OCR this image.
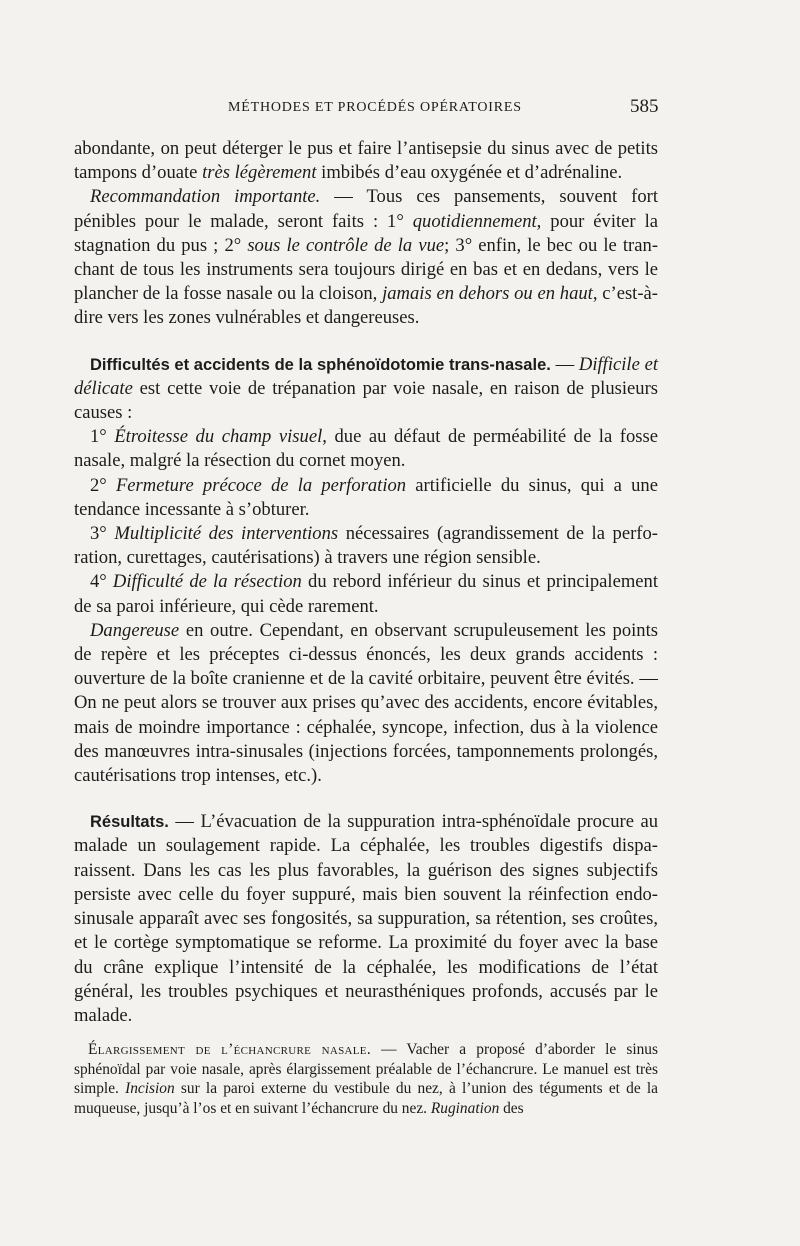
MÉTHODES ET PROCÉDÉS OPÉRATOIRES	585

abondante, on peut déterger le pus et faire l’antisepsie du sinus avec de petits tampons d’ouate très légèrement imbibés d’eau oxygénée et d’adrénaline.

Recommandation importante. — Tous ces pansements, souvent fort pénibles pour le malade, seront faits : 1° quotidiennement, pour éviter la stagnation du pus ; 2° sous le contrôle de la vue; 3° enfin, le bec ou le tranchant de tous les instruments sera toujours dirigé en bas et en dedans, vers le plancher de la fosse nasale ou la cloison, jamais en dehors ou en haut, c’est-à-dire vers les zones vulnérables et dangereuses.

Difficultés et accidents de la sphénoïdotomie trans-nasale. — Difficile et délicate est cette voie de trépanation par voie nasale, en raison de plusieurs causes :

1° Étroitesse du champ visuel, due au défaut de perméabilité de la fosse nasale, malgré la résection du cornet moyen.

2° Fermeture précoce de la perforation artificielle du sinus, qui a une tendance incessante à s’obturer.

3° Multiplicité des interventions nécessaires (agrandissement de la perforation, curettages, cautérisations) à travers une région sensible.

4° Difficulté de la résection du rebord inférieur du sinus et principalement de sa paroi inférieure, qui cède rarement.

Dangereuse en outre. Cependant, en observant scrupuleusement les points de repère et les préceptes ci-dessus énoncés, les deux grands accidents : ouverture de la boîte cranienne et de la cavité orbitaire, peuvent être évités. — On ne peut alors se trouver aux prises qu’avec des accidents, encore évitables, mais de moindre importance : céphalée, syncope, infection, dus à la violence des manœuvres intra-sinusales (injections forcées, tamponnements prolongés, cautérisations trop intenses, etc.).

Résultats. — L’évacuation de la suppuration intra-sphénoïdale procure au malade un soulagement rapide. La céphalée, les troubles digestifs disparaissent. Dans les cas les plus favorables, la guérison des signes subjectifs persiste avec celle du foyer suppuré, mais bien souvent la réinfection endosinusale apparaît avec ses fongosités, sa suppuration, sa rétention, ses croûtes, et le cortège symptomatique se reforme. La proximité du foyer avec la base du crâne explique l’intensité de la céphalée, les modifications de l’état général, les troubles psychiques et neurasthéniques profonds, accusés par le malade.

Élargissement de l’échancrure nasale. — Vacher a proposé d’aborder le sinus sphénoïdal par voie nasale, après élargissement préalable de l’échancrure. Le manuel est très simple. Incision sur la paroi externe du vestibule du nez, à l’union des téguments et de la muqueuse, jusqu’à l’os et en suivant l’échancrure du nez. Rugination des
